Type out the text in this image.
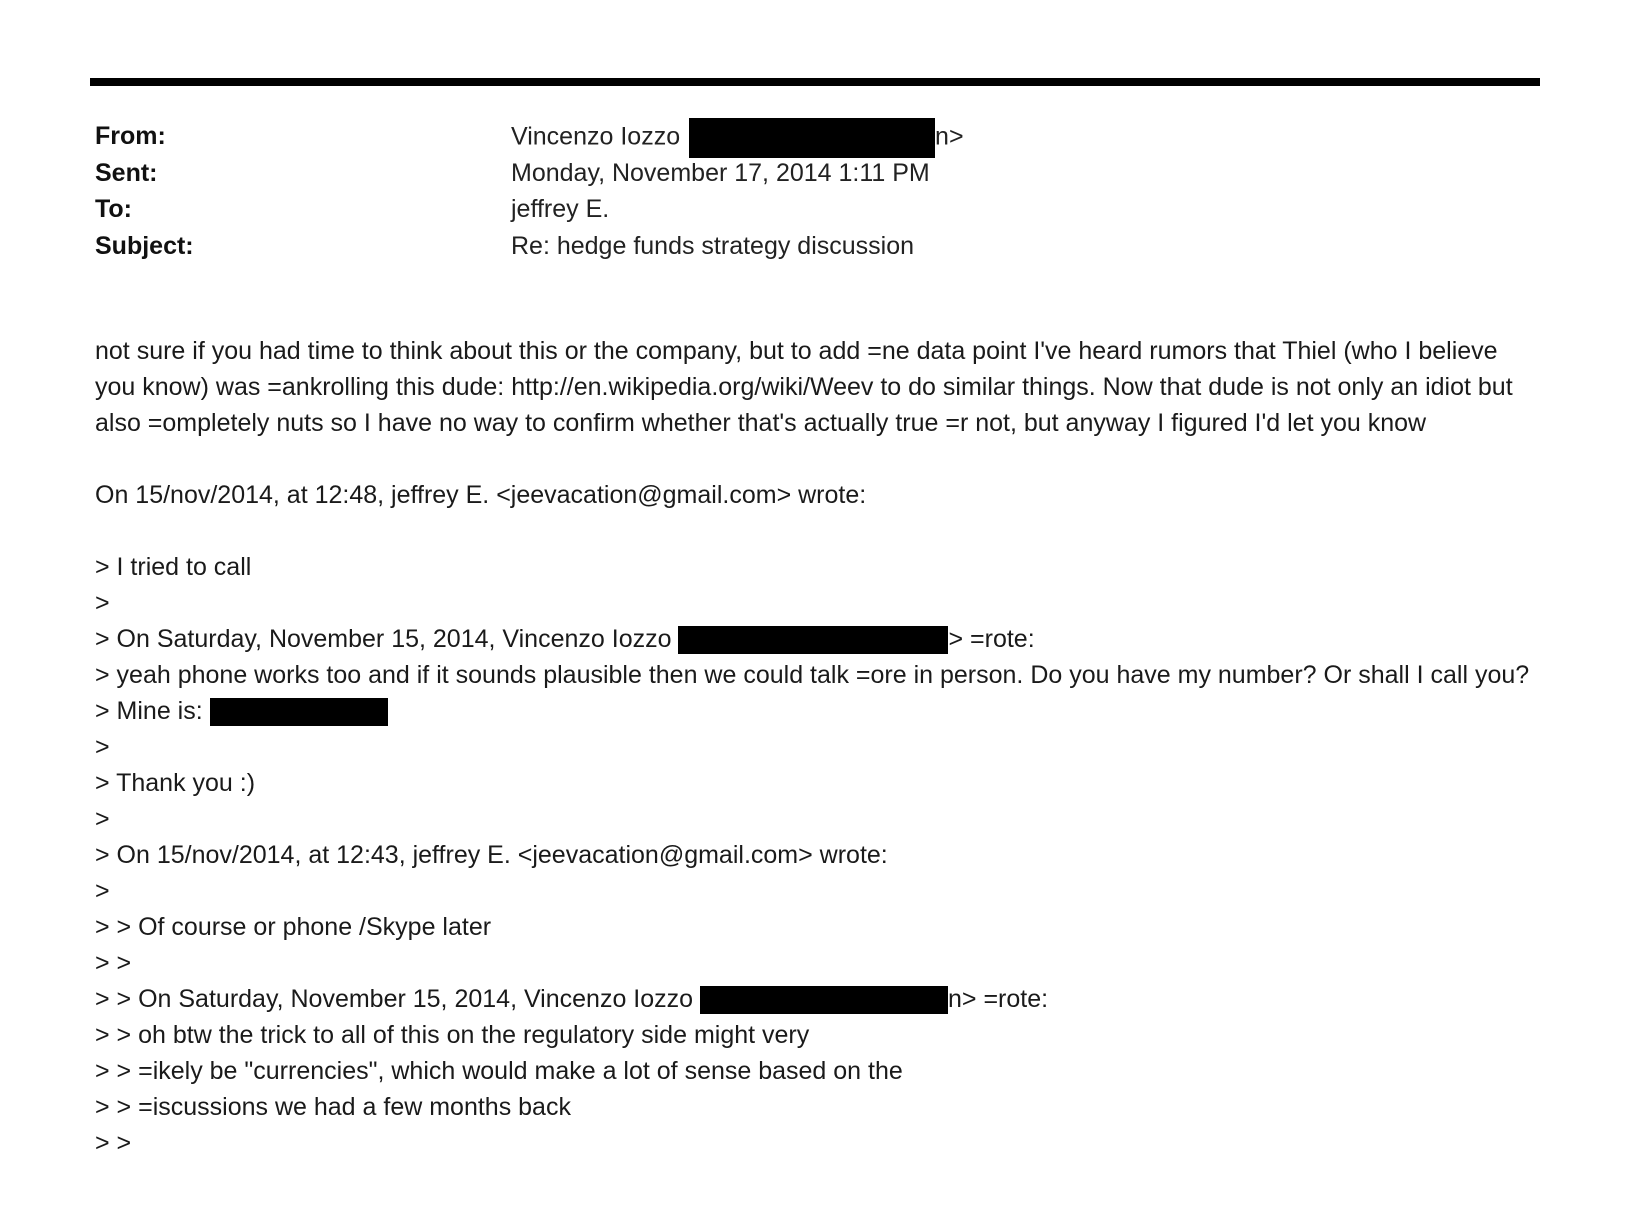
From:	Vincenzo Iozzo	n>
Sent:	Monday, November 17, 2014 1:11 PM
To:	jeffrey E.
Subject:	Re: hedge funds strategy discussion

not sure if you had time to think about this or the company, but to add =ne data point I've heard rumors that Thiel (who I believe you know) was =ankrolling this dude: http://en.wikipedia.org/wiki/Weev to do similar things. Now that dude is not only an idiot but also =ompletely nuts so I have no way to confirm whether that's actually true =r not, but anyway I figured I'd let you know

On 15/nov/2014, at 12:48, jeffrey E. <jeevacation@gmail.com> wrote:
> I tried to call
>
> On Saturday, November 15, 2014, Vincenzo Iozzo	> =rote:
> yeah phone works too and if it sounds plausible then we could talk =ore in person. Do you have my number? Or shall I call you?
> Mine is:
>
> Thank you :)
>
> On 15/nov/2014, at 12:43, jeffrey E. <jeevacation@gmail.com> wrote:
>
> > Of course or phone /Skype later
> >
> > On Saturday, November 15, 2014, Vincenzo Iozzo	n> =rote:
> > oh btw the trick to all of this on the regulatory side might very
> > =ikely be "currencies", which would make a lot of sense based on the
> > =iscussions we had a few months back
> >
